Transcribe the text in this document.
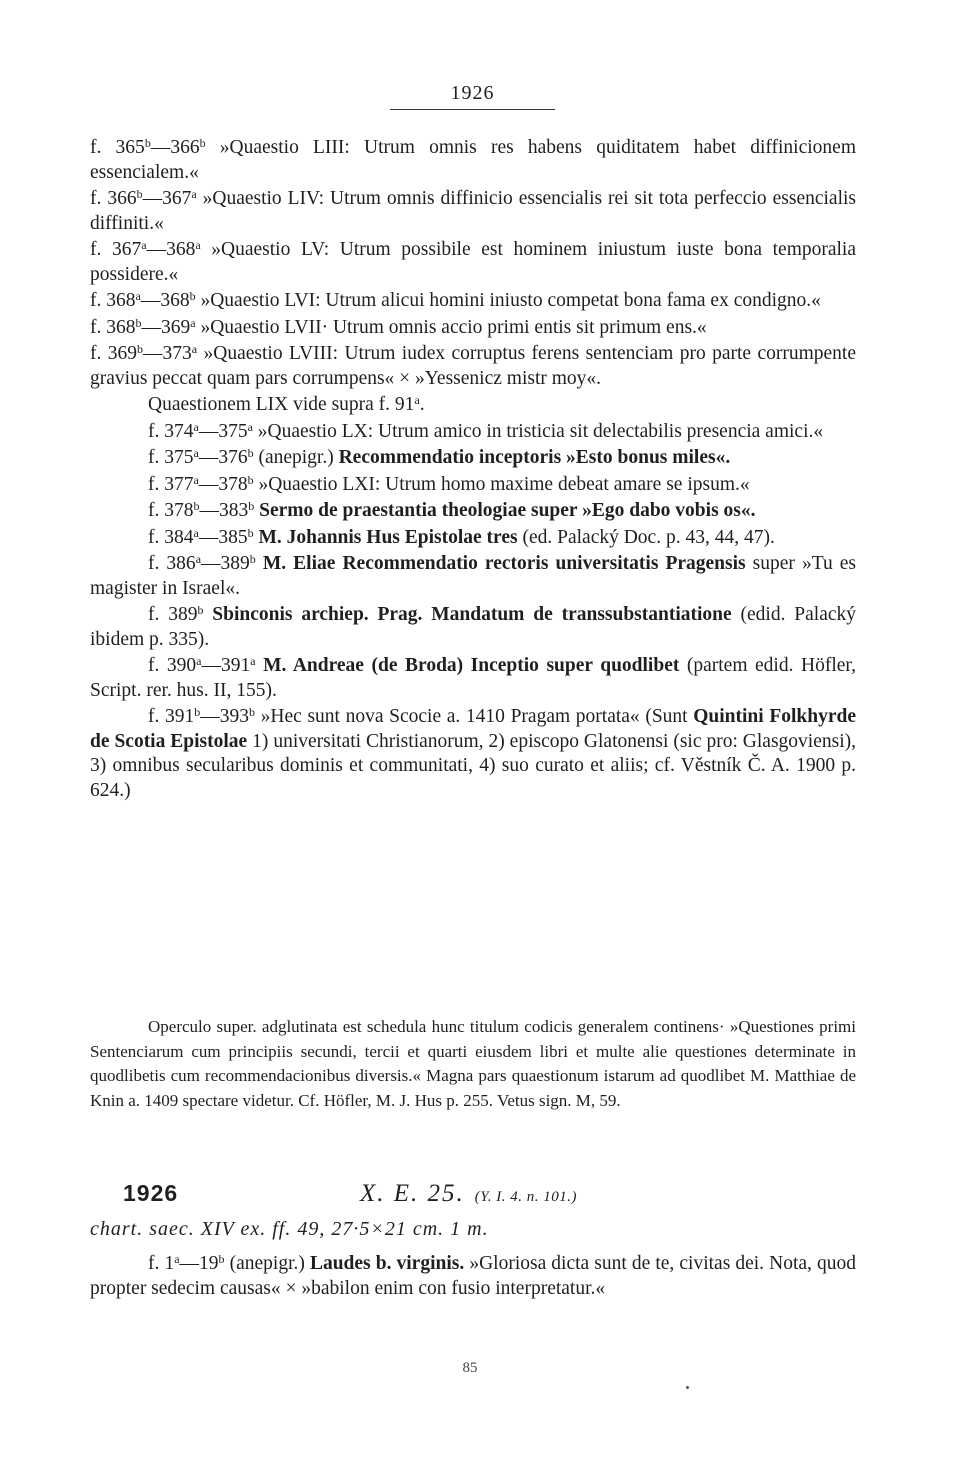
1926
f. 365$^b$—366$^b$ »Quaestio LIII: Utrum omnis res habens quiditatem habet diffinicionem essencialem.«
f. 366$^b$—367$^a$ »Quaestio LIV: Utrum omnis diffinicio essencialis rei sit tota perfeccio essencialis diffiniti.«
f. 367$^a$—368$^a$ »Quaestio LV: Utrum possibile est hominem iniustum iuste bona temporalia possidere.«
f. 368$^a$—368$^b$ »Quaestio LVI: Utrum alicui homini iniusto competat bona fama ex condigno.«
f. 368$^b$—369$^a$ »Quaestio LVII· Utrum omnis accio primi entis sit primum ens.«
f. 369$^b$—373$^a$ »Quaestio LVIII: Utrum iudex corruptus ferens sentenciam pro parte corrumpente gravius peccat quam pars corrumpens« × »Yessenicz mistr moy«.
Quaestionem LIX vide supra f. 91$^a$.
f. 374$^a$—375$^a$ »Quaestio LX: Utrum amico in tristicia sit delectabilis presencia amici.«
f. 375$^a$—376$^b$ (anepigr.) Recommendatio inceptoris »Esto bonus miles«.
f. 377$^a$—378$^b$ »Quaestio LXI: Utrum homo maxime debeat amare se ipsum.«
f. 378$^b$—383$^b$ Sermo de praestantia theologiae super »Ego dabo vobis os«.
f. 384$^a$—385$^b$ M. Johannis Hus Epistolae tres (ed. Palacký Doc. p. 43, 44, 47).
f. 386$^a$—389$^b$ M. Eliae Recommendatio rectoris universitatis Pragensis super »Tu es magister in Israel«.
f. 389$^b$ Sbinconis archiep. Prag. Mandatum de transsubstantiatione (edid. Palacký ibidem p. 335).
f. 390$^a$—391$^a$ M. Andreae (de Broda) Inceptio super quodlibet (partem edid. Höfler, Script. rer. hus. II, 155).
f. 391$^b$—393$^b$ »Hec sunt nova Scocie a. 1410 Pragam portata« (Sunt Quintini Folkhyrde de Scotia Epistolae 1) universitati Christianorum, 2) episcopo Glatonensi (sic pro: Glasgoviensi), 3) omnibus secularibus dominis et communitati, 4) suo curato et aliis; cf. Věstník Č. A. 1900 p. 624.)
Operculo super. adglutinata est schedula hunc titulum codicis generalem continens· »Questiones primi Sentenciarum cum principiis secundi, tercii et quarti eiusdem libri et multe alie questiones determinate in quodlibetis cum recommendacionibus diversis.« Magna pars quaestionum istarum ad quodlibet M. Matthiae de Knin a. 1409 spectare videtur. Cf. Höfler, M. J. Hus p. 255. Vetus sign. M, 59.
1926	X. E. 25. (Y. I. 4. n. 101.)
chart. saec. XIV ex. ff. 49, 27·5×21 cm. 1 m.
f. 1$^a$—19$^b$ (anepigr.) Laudes b. virginis. »Gloriosa dicta sunt de te, civitas dei. Nota, quod propter sedecim causas« × »babilon enim con fusio interpretatur.«
85
